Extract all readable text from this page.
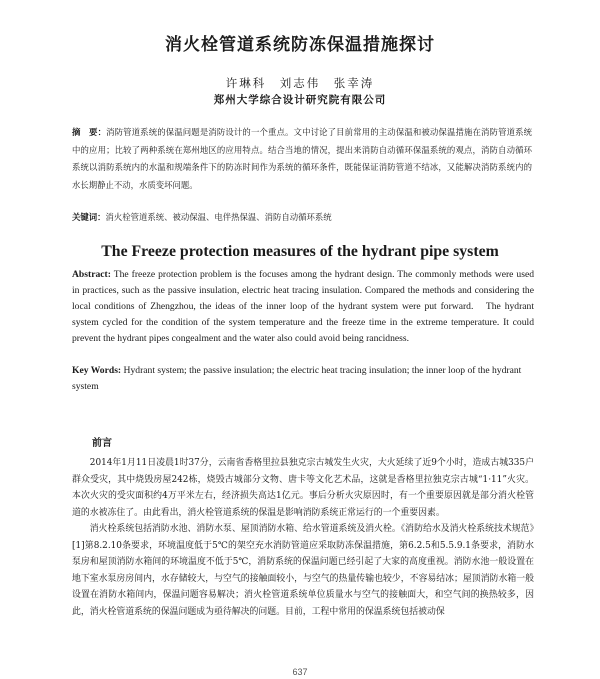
消火栓管道系统防冻保温措施探讨
许琳科　刘志伟　张幸涛
郑州大学综合设计研究院有限公司
摘　要：消防管道系统的保温问题是消防设计的一个重点。文中讨论了目前常用的主动保温和被动保温措施在消防管道系统中的应用；比较了两种系统在郑州地区的应用特点。结合当地的情况，提出来消防自动循环保温系统的观点，消防自动循环系统以消防系统内的水温和规端条件下的防冻时间作为系统的循环条件，既能保证消防管道不结冰，又能解决消防系统内的水长期静止不动，水质变坏问题。
关键词：消火栓管道系统、被动保温、电伴热保温、消防自动循环系统
The Freeze protection measures of the hydrant pipe system
Abstract: The freeze protection problem is the focuses among the hydrant design. The commonly methods were used in practices, such as the passive insulation, electric heat tracing insulation. Compared the methods and considering the local conditions of Zhengzhou, the ideas of the inner loop of the hydrant system were put forward.　The hydrant system cycled for the condition of the system temperature and the freeze time in the extreme temperature. It could prevent the hydrant pipes congealment and the water also could avoid being rancidness.
Key Words: Hydrant system; the passive insulation; the electric heat tracing insulation; the inner loop of the hydrant system
前言

2014年1月11日凌晨1时37分，云南省香格里拉县独克宗古城发生火灾，大火延续了近9个小时，造成古城335户群众受灾，其中烧毁房屋242栋，烧毁古城部分文物、唐卡等文化艺术品，这就是香格里拉独克宗古城“1·11”火灾。本次火灾的受灾面积约4万平米左右，经济损失高达1亿元。事后分析火灾原因时，有一个重要原因就是部分消火栓管道的水被冻住了。由此看出，消火栓管道系统的保温是影响消防系统正常运行的一个重要因素。

消火栓系统包括消防水池、消防水泵、屋顶消防水箱、给水管道系统及消火栓。《消防给水及消火栓系统技术规范》[1]第8.2.10条要求，环境温度低于5℃的架空充水消防管道应采取防冻保温措施，第6.2.5和5.5.9.1条要求，消防水泵房和屋顶消防水箱间的环境温度不低于5℃，消防系统的保温问题已经引起了大家的高度重视。消防水池一般设置在地下室水泵房房间内，水存储较大，与空气的接触面较小，与空气的热量传输也较少，不容易结冰；屋顶消防水箱一般设置在消防水箱间内，保温问题容易解决；消火栓管道系统单位质量水与空气的接触面大，和空气间的换热较多，因此，消火栓管道系统的保温问题成为亟待解决的问题。目前，工程中常用的保温系统包括被动保

637
